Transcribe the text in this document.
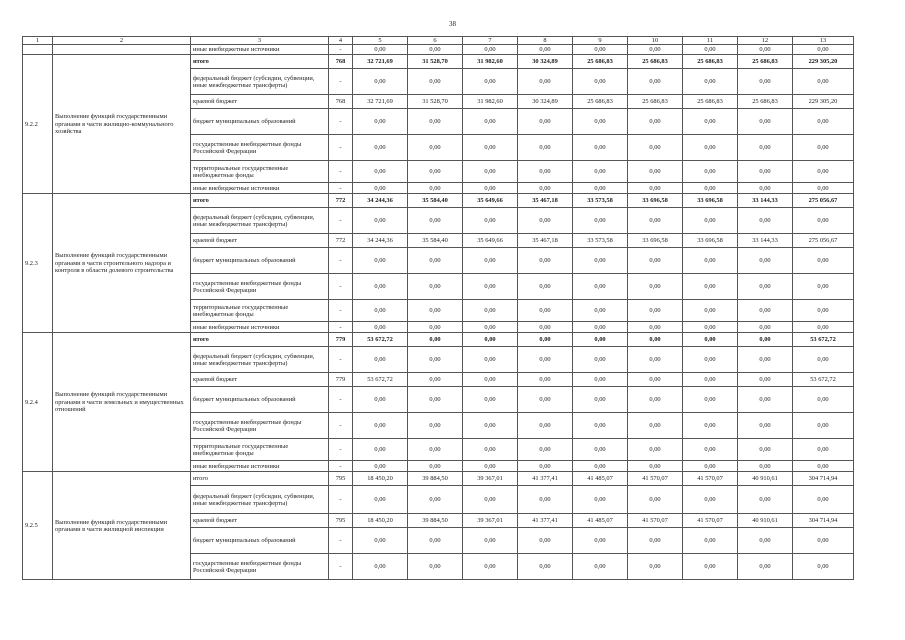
38
1	2	3	4	5	6	7	8	9	10	11	12	13
		иные внебюджетные источники	-	0,00	0,00	0,00	0,00	0,00	0,00	0,00	0,00	0,00
9.2.2	Выполнение функций государственными органами в части жилищно-коммунального хозяйства	итого	768	32 721,69	31 528,70	31 982,60	30 324,89	25 686,83	25 686,83	25 686,83	25 686,83	229 305,20
		федеральный бюджет (субсидии, субвенции, иные межбюджетные трансферты)	-	0,00	0,00	0,00	0,00	0,00	0,00	0,00	0,00	0,00
		краевой бюджет	768	32 721,69	31 528,70	31 982,60	30 324,89	25 686,83	25 686,83	25 686,83	25 686,83	229 305,20
		бюджет муниципальных образований	-	0,00	0,00	0,00	0,00	0,00	0,00	0,00	0,00	0,00
		государственные внебюджетные фонды Российской Федерации	-	0,00	0,00	0,00	0,00	0,00	0,00	0,00	0,00	0,00
		территориальные государственные внебюджетные фонды	-	0,00	0,00	0,00	0,00	0,00	0,00	0,00	0,00	0,00
		иные внебюджетные источники	-	0,00	0,00	0,00	0,00	0,00	0,00	0,00	0,00	0,00
9.2.3	Выполнение функций государственными органами в части строительного надзора и контроля в области долевого строительства	итого	772	34 244,36	35 584,40	35 649,66	35 467,18	33 573,58	33 696,58	33 696,58	33 144,33	275 056,67
		федеральный бюджет (субсидии, субвенции, иные межбюджетные трансферты)	-	0,00	0,00	0,00	0,00	0,00	0,00	0,00	0,00	0,00
		краевой бюджет	772	34 244,36	35 584,40	35 649,66	35 467,18	33 573,58	33 696,58	33 696,58	33 144,33	275 056,67
		бюджет муниципальных образований	-	0,00	0,00	0,00	0,00	0,00	0,00	0,00	0,00	0,00
		государственные внебюджетные фонды Российской Федерации	-	0,00	0,00	0,00	0,00	0,00	0,00	0,00	0,00	0,00
		территориальные государственные внебюджетные фонды	-	0,00	0,00	0,00	0,00	0,00	0,00	0,00	0,00	0,00
		иные внебюджетные источники	-	0,00	0,00	0,00	0,00	0,00	0,00	0,00	0,00	0,00
9.2.4	Выполнение функций государственными органами в части земельных и имущественных отношений	итого	779	53 672,72	0,00	0,00	0,00	0,00	0,00	0,00	0,00	53 672,72
		федеральный бюджет (субсидии, субвенции, иные межбюджетные трансферты)	-	0,00	0,00	0,00	0,00	0,00	0,00	0,00	0,00	0,00
		краевой бюджет	779	53 672,72	0,00	0,00	0,00	0,00	0,00	0,00	0,00	53 672,72
		бюджет муниципальных образований	-	0,00	0,00	0,00	0,00	0,00	0,00	0,00	0,00	0,00
		государственные внебюджетные фонды Российской Федерации	-	0,00	0,00	0,00	0,00	0,00	0,00	0,00	0,00	0,00
		территориальные государственные внебюджетные фонды	-	0,00	0,00	0,00	0,00	0,00	0,00	0,00	0,00	0,00
		иные внебюджетные источники	-	0,00	0,00	0,00	0,00	0,00	0,00	0,00	0,00	0,00
9.2.5	Выполнение функций государственными органами в части жилищной инспекции	итого	795	18 450,20	39 884,50	39 367,01	41 377,41	41 485,07	41 570,07	41 570,07	40 910,61	304 714,94
		федеральный бюджет (субсидии, субвенции, иные межбюджетные трансферты)	-	0,00	0,00	0,00	0,00	0,00	0,00	0,00	0,00	0,00
		краевой бюджет	795	18 450,20	39 884,50	39 367,01	41 377,41	41 485,07	41 570,07	41 570,07	40 910,61	304 714,94
		бюджет муниципальных образований	-	0,00	0,00	0,00	0,00	0,00	0,00	0,00	0,00	0,00
		государственные внебюджетные фонды Российской Федерации	-	0,00	0,00	0,00	0,00	0,00	0,00	0,00	0,00	0,00
